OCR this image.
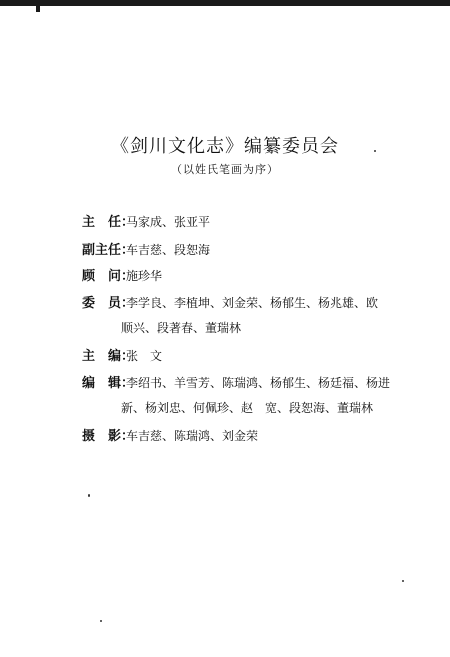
《剑川文化志》编纂委员会
（以姓氏笔画为序）
主　任：马家成、张亚平
副主任：车吉慈、段恕海
顾　问：施珍华
委　员：李学良、李植坤、刘金荣、杨郁生、杨兆雄、欧
顺兴、段著春、董瑞林
主　编：张　文
编　辑：李绍书、羊雪芳、陈瑞鸿、杨郁生、杨廷福、杨进
新、杨刘忠、何佩珍、赵　宽、段恕海、董瑞林
摄　影：车吉慈、陈瑞鸿、刘金荣
